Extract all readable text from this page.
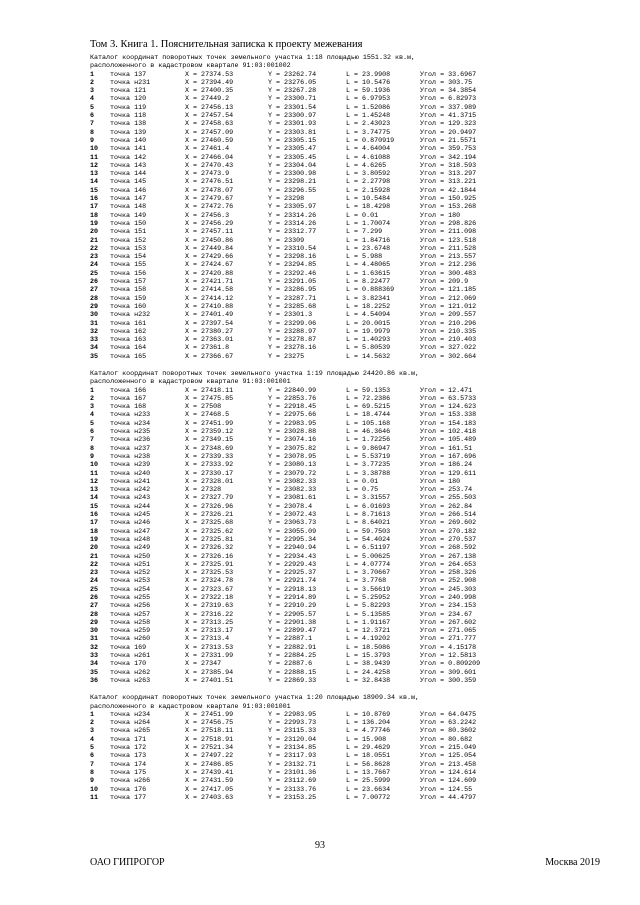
Том 3. Книга 1. Пояснительная записка к проекту межевания
Каталог координат поворотных точек земельного участка 1:18 площадью 1551.32 кв.м,
расположенного в кадастровом квартале 91:03:001002
1	точка 137	X = 27374.53	Y = 23262.74	L = 23.9908	Угол = 33.6967
2	точка н231	X = 27394.49	Y = 23276.05	L = 10.5476	Угол = 303.75
3	точка 121	X = 27400.35	Y = 23267.28	L = 59.1936	Угол = 34.3854
4	точка 120	X = 27449.2	Y = 23300.71	L = 6.97953	Угол = 6.82973
5	точка 119	X = 27456.13	Y = 23301.54	L = 1.52086	Угол = 337.989
6	точка 118	X = 27457.54	Y = 23300.97	L = 1.45248	Угол = 41.3715
7	точка 138	X = 27458.63	Y = 23301.93	L = 2.43023	Угол = 129.323
8	точка 139	X = 27457.09	Y = 23303.81	L = 3.74775	Угол = 20.9497
9	точка 140	X = 27460.59	Y = 23305.15	L = 0.870919	Угол = 21.5571
10	точка 141	X = 27461.4	Y = 23305.47	L = 4.64004	Угол = 359.753
11	точка 142	X = 27466.04	Y = 23305.45	L = 4.61088	Угол = 342.194
12	точка 143	X = 27470.43	Y = 23304.04	L = 4.6265	Угол = 318.593
13	точка 144	X = 27473.9	Y = 23300.98	L = 3.80592	Угол = 313.297
14	точка 145	X = 27476.51	Y = 23298.21	L = 2.27798	Угол = 313.221
15	точка 146	X = 27478.07	Y = 23296.55	L = 2.15928	Угол = 42.1844
16	точка 147	X = 27479.67	Y = 23298	L = 10.5484	Угол = 150.925
17	точка 148	X = 27472.76	Y = 23305.97	L = 18.4298	Угол = 153.268
18	точка 149	X = 27456.3	Y = 23314.26	L = 0.01	Угол = 180
19	точка 150	X = 27456.29	Y = 23314.26	L = 1.70074	Угол = 298.826
20	точка 151	X = 27457.11	Y = 23312.77	L = 7.299	Угол = 211.098
21	точка 152	X = 27450.86	Y = 23309	L = 1.84716	Угол = 123.518
22	точка 153	X = 27449.84	Y = 23310.54	L = 23.6748	Угол = 211.528
23	точка 154	X = 27429.66	Y = 23298.16	L = 5.988	Угол = 213.557
24	точка 155	X = 27424.67	Y = 23294.85	L = 4.48065	Угол = 212.236
25	точка 156	X = 27420.88	Y = 23292.46	L = 1.63615	Угол = 300.483
26	точка 157	X = 27421.71	Y = 23291.05	L = 8.22477	Угол = 209.9
27	точка 158	X = 27414.58	Y = 23286.95	L = 0.888369	Угол = 121.185
28	точка 159	X = 27414.12	Y = 23287.71	L = 3.82341	Угол = 212.069
29	точка 160	X = 27410.88	Y = 23285.68	L = 18.2252	Угол = 121.012
30	точка н232	X = 27401.49	Y = 23301.3	L = 4.54094	Угол = 209.557
31	точка 161	X = 27397.54	Y = 23299.06	L = 20.0015	Угол = 210.296
32	точка 162	X = 27380.27	Y = 23288.97	L = 19.9979	Угол = 210.335
33	точка 163	X = 27363.01	Y = 23278.87	L = 1.40293	Угол = 210.403
34	точка 164	X = 27361.8	Y = 23278.16	L = 5.80539	Угол = 327.022
35	точка 165	X = 27366.67	Y = 23275	L = 14.5632	Угол = 302.664
Каталог координат поворотных точек земельного участка 1:19 площадью 24420.86 кв.м,
расположенного в кадастровом квартале 91:03:001001
1	точка 166	X = 27418.11	Y = 22840.99	L = 59.1353	Угол = 12.471
2	точка 167	X = 27475.85	Y = 22853.76	L = 72.2386	Угол = 63.5733
3	точка 168	X = 27508	Y = 22918.45	L = 69.5215	Угол = 124.623
4	точка н233	X = 27468.5	Y = 22975.66	L = 18.4744	Угол = 153.338
5	точка н234	X = 27451.99	Y = 22983.95	L = 105.168	Угол = 154.183
6	точка н235	X = 27359.12	Y = 23028.88	L = 46.3646	Угол = 102.418
7	точка н236	X = 27349.15	Y = 23074.16	L = 1.72256	Угол = 105.489
8	точка н237	X = 27348.69	Y = 23075.82	L = 9.86947	Угол = 161.51
9	точка н238	X = 27339.33	Y = 23078.95	L = 5.53719	Угол = 167.696
10	точка н239	X = 27333.92	Y = 23080.13	L = 3.77235	Угол = 186.24
11	точка н240	X = 27330.17	Y = 23079.72	L = 3.38788	Угол = 129.611
12	точка н241	X = 27328.01	Y = 23082.33	L = 0.01	Угол = 180
13	точка н242	X = 27328	Y = 23082.33	L = 0.75	Угол = 253.74
14	точка н243	X = 27327.79	Y = 23081.61	L = 3.31557	Угол = 255.503
15	точка н244	X = 27326.96	Y = 23078.4	L = 6.01693	Угол = 262.84
16	точка н245	X = 27326.21	Y = 23072.43	L = 8.71613	Угол = 266.514
17	точка н246	X = 27325.68	Y = 23063.73	L = 8.64021	Угол = 269.602
18	точка н247	X = 27325.62	Y = 23055.09	L = 59.7503	Угол = 270.182
19	точка н248	X = 27325.81	Y = 22995.34	L = 54.4024	Угол = 270.537
20	точка н249	X = 27326.32	Y = 22940.94	L = 6.51197	Угол = 268.592
21	точка н250	X = 27326.16	Y = 22934.43	L = 5.00625	Угол = 267.138
22	точка н251	X = 27325.91	Y = 22929.43	L = 4.07774	Угол = 264.653
23	точка н252	X = 27325.53	Y = 22925.37	L = 3.70667	Угол = 258.326
24	точка н253	X = 27324.78	Y = 22921.74	L = 3.7768	Угол = 252.908
25	точка н254	X = 27323.67	Y = 22918.13	L = 3.56619	Угол = 245.303
26	точка н255	X = 27322.18	Y = 22914.89	L = 5.25952	Угол = 240.998
27	точка н256	X = 27319.63	Y = 22910.29	L = 5.82293	Угол = 234.153
28	точка н257	X = 27316.22	Y = 22905.57	L = 5.13585	Угол = 234.67
29	точка н258	X = 27313.25	Y = 22901.38	L = 1.91167	Угол = 267.602
30	точка н259	X = 27313.17	Y = 22899.47	L = 12.3721	Угол = 271.065
31	точка н260	X = 27313.4	Y = 22887.1	L = 4.19202	Угол = 271.777
32	точка 169	X = 27313.53	Y = 22882.91	L = 18.5086	Угол = 4.15178
33	точка н261	X = 27331.99	Y = 22884.25	L = 15.3793	Угол = 12.5813
34	точка 170	X = 27347	Y = 22887.6	L = 38.9439	Угол = 0.809209
35	точка н262	X = 27385.94	Y = 22888.15	L = 24.4258	Угол = 309.601
36	точка н263	X = 27401.51	Y = 22869.33	L = 32.8438	Угол = 300.359
Каталог координат поворотных точек земельного участка 1:20 площадью 18909.34 кв.м,
расположенного в кадастровом квартале 91:03:001001
1	точка н234	X = 27451.99	Y = 22983.95	L = 10.8769	Угол = 64.0475
2	точка н264	X = 27456.75	Y = 22993.73	L = 136.204	Угол = 63.2242
3	точка н265	X = 27518.11	Y = 23115.33	L = 4.77746	Угол = 80.3602
4	точка 171	X = 27518.91	Y = 23120.04	L = 15.908	Угол = 80.682
5	точка 172	X = 27521.34	Y = 23134.85	L = 29.4629	Угол = 215.049
6	точка 173	X = 27497.22	Y = 23117.93	L = 18.0551	Угол = 125.054
7	точка 174	X = 27486.85	Y = 23132.71	L = 56.8628	Угол = 213.458
8	точка 175	X = 27439.41	Y = 23101.36	L = 13.7667	Угол = 124.614
9	точка н266	X = 27431.59	Y = 23112.69	L = 25.5999	Угол = 124.609
10	точка 176	X = 27417.05	Y = 23133.76	L = 23.6634	Угол = 124.55
11	точка 177	X = 27403.63	Y = 23153.25	L = 7.00772	Угол = 44.4797
93
ОАО ГИПРОГОР	Москва 2019
